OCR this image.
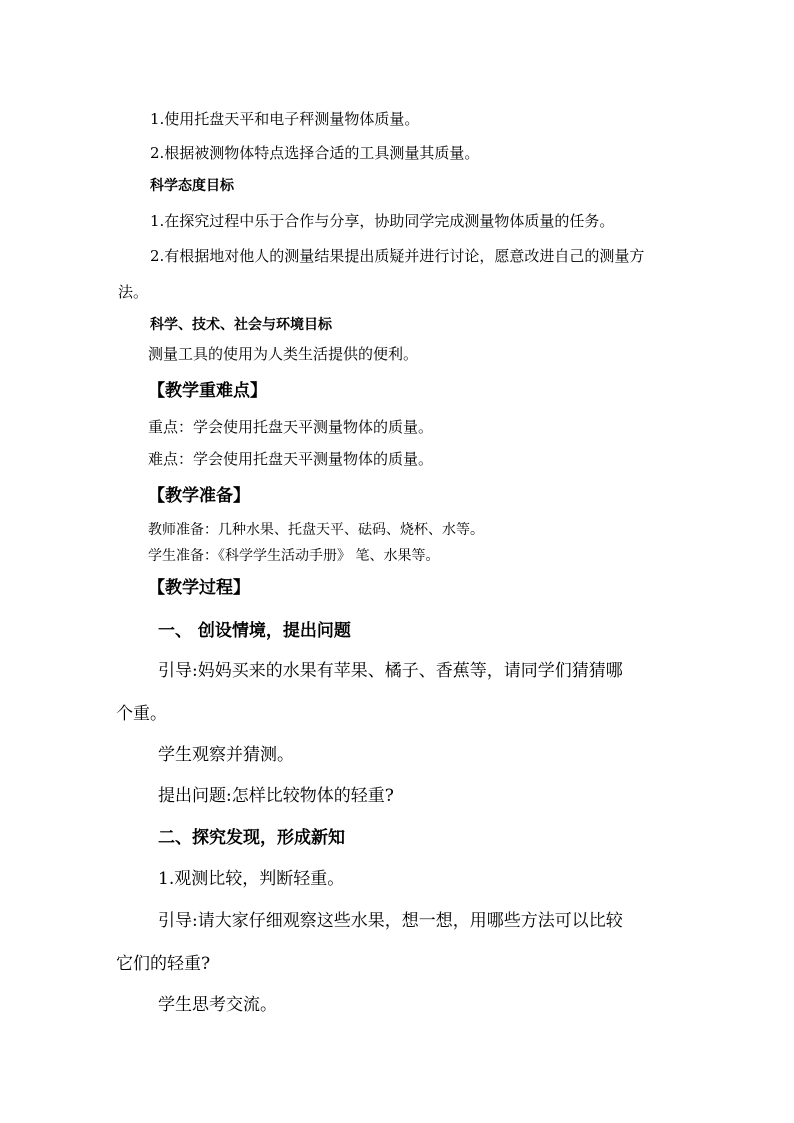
1.使用托盘天平和电子秤测量物体质量。

2.根据被测物体特点选择合适的工具测量其质量。

科学态度目标

1.在探究过程中乐于合作与分享，协助同学完成测量物体质量的任务。

2.有根据地对他人的测量结果提出质疑并进行讨论，愿意改进自己的测量方

法。

科学、技术、社会与环境目标

测量工具的使用为人类生活提供的便利。

【教学重难点】

重点：学会使用托盘天平测量物体的质量。

难点：学会使用托盘天平测量物体的质量。

【教学准备】

教师准备：几种水果、托盘天平、砝码、烧杯、水等。

学生准备：《科学学生活动手册》 笔、水果等。

【教学过程】

一、 创设情境，提出问题

引导:妈妈买来的水果有苹果、橘子、香蕉等，请同学们猜猜哪

个重。

学生观察并猜测。

提出问题:怎样比较物体的轻重?

二、探究发现，形成新知

1.观测比较，判断轻重。

引导:请大家仔细观察这些水果，想一想，用哪些方法可以比较

它们的轻重?

学生思考交流。
